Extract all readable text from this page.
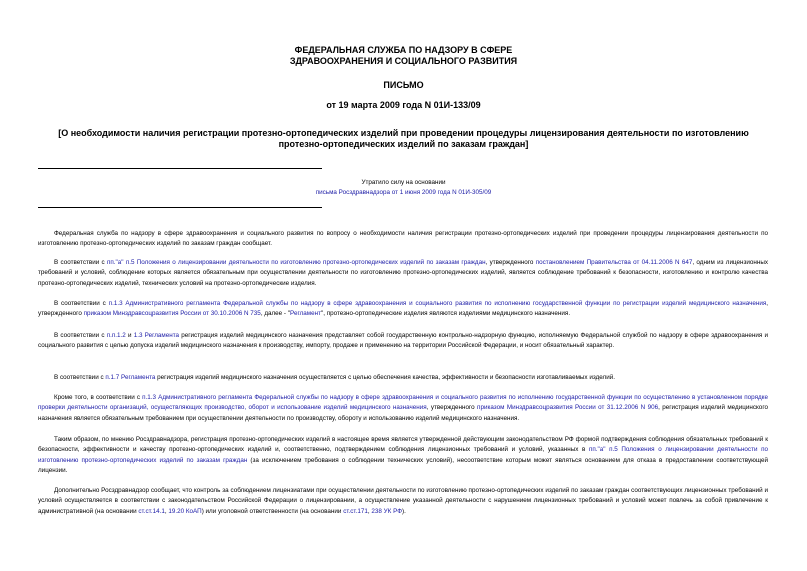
ФЕДЕРАЛЬНАЯ СЛУЖБА ПО НАДЗОРУ В СФЕРЕ
ЗДРАВООХРАНЕНИЯ И СОЦИАЛЬНОГО РАЗВИТИЯ
ПИСЬМО
от 19 марта 2009 года N 01И-133/09
[О необходимости наличия регистрации протезно-ортопедических изделий при проведении процедуры лицензирования деятельности по изготовлению протезно-ортопедических изделий по заказам граждан]
Утратило силу на основании
письма Росздравнадзора от 1 июня 2009 года N 01И-305/09

Федеральная служба по надзору в сфере здравоохранения и социального развития по вопросу о необходимости наличия регистрации протезно-ортопедических изделий при проведении процедуры лицензирования деятельности по изготовлению протезно-ортопедических изделий по заказам граждан сообщает.

В соответствии с пп."а" п.5 Положения о лицензировании деятельности по изготовлению протезно-ортопедических изделий по заказам граждан, утвержденного постановлением Правительства от 04.11.2006 N 647, одним из лицензионных требований и условий, соблюдение которых является обязательным при осуществлении деятельности по изготовлению протезно-ортопедических изделий, является соблюдение требований к безопасности, изготовлению и контролю качества протезно-ортопедических изделий, технических условий на протезно-ортопедические изделия.

В соответствии с п.1.3 Административного регламента Федеральной службы по надзору в сфере здравоохранения и социального развития по исполнению государственной функции по регистрации изделий медицинского назначения, утвержденного приказом Минздравсоцразвития России от 30.10.2006 N 735, далее - "Регламент", протезно-ортопедические изделия являются изделиями медицинского назначения.

В соответствии с п.п.1.2 и 1.3 Регламента регистрация изделий медицинского назначения представляет собой государственную контрольно-надзорную функцию, исполняемую Федеральной службой по надзору в сфере здравоохранения и социального развития с целью допуска изделий медицинского назначения к производству, импорту, продаже и применению на территории Российской Федерации, и носит обязательный характер.

В соответствии с п.1.7 Регламента регистрация изделий медицинского назначения осуществляется с целью обеспечения качества, эффективности и безопасности изготавливаемых изделий.

Кроме того, в соответствии с п.1.3 Административного регламента Федеральной службы по надзору в сфере здравоохранения и социального развития по исполнению государственной функции по осуществлению в установленном порядке проверки деятельности организаций, осуществляющих производство, оборот и использование изделий медицинского назначения, утвержденного приказом Минздравсоцразвития России от 31.12.2006 N 906, регистрация изделий медицинского назначения является обязательным требованием при осуществлении деятельности по производству, обороту и использованию изделий медицинского назначения.

Таким образом, по мнению Росздравнадзора, регистрация протезно-ортопедических изделий в настоящее время является утвержденной действующим законодательством РФ формой подтверждения соблюдения обязательных требований к безопасности, эффективности и качеству протезно-ортопедических изделий и, соответственно, подтверждением соблюдения лицензионных требований и условий, указанных в пп."а" п.5 Положения о лицензировании деятельности по изготовлению протезно-ортопедических изделий по заказам граждан (за исключением требования о соблюдении технических условий), несоответствие которым может являться основанием для отказа в предоставлении соответствующей лицензии.

Дополнительно Росздравнадзор сообщает, что контроль за соблюдением лицензиатами при осуществлении деятельности по изготовлению протезно-ортопедических изделий по заказам граждан соответствующих лицензионных требований и условий осуществляется в соответствии с законодательством Российской Федерации о лицензировании, а осуществление указанной деятельности с нарушением лицензионных требований и условий может повлечь за собой привлечение к административной (на основании ст.ст.14.1, 19.20 КоАП) или уголовной ответственности (на основании ст.ст.171, 238 УК РФ).
